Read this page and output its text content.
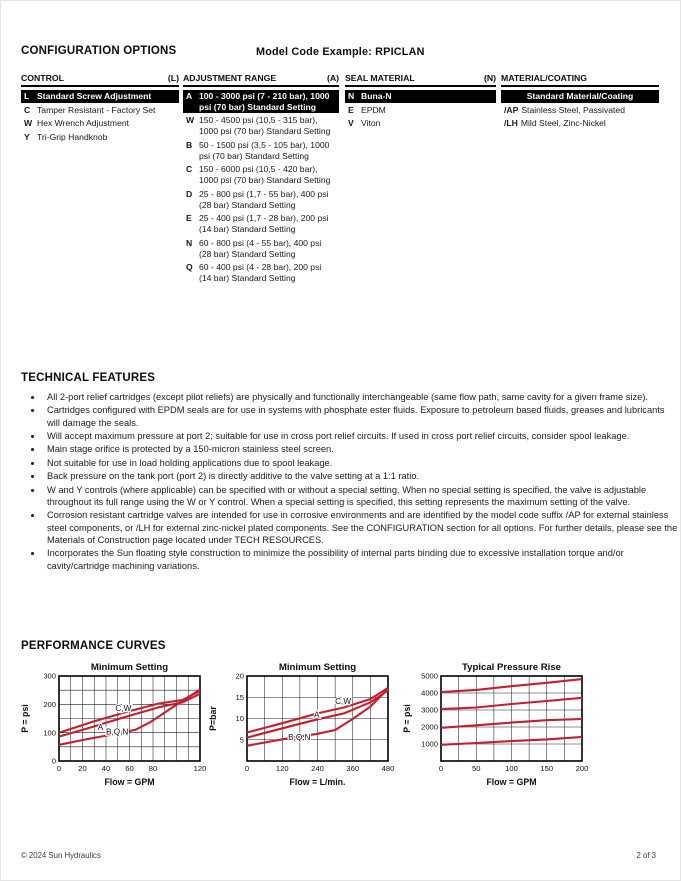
CONFIGURATION OPTIONS	Model Code Example: RPICLAN
CONTROL	(L)
L Standard Screw Adjustment
C Tamper Resistant - Factory Set
W Hex Wrench Adjustment
Y Tri-Grip Handknob
ADJUSTMENT RANGE	(A)
A 100 - 3000 psi (7 - 210 bar), 1000 psi (70 bar) Standard Setting
W 150 - 4500 psi (10,5 - 315 bar), 1000 psi (70 bar) Standard Setting
B 50 - 1500 psi (3,5 - 105 bar), 1000 psi (70 bar) Standard Setting
C 150 - 6000 psi (10,5 - 420 bar), 1000 psi (70 bar) Standard Setting
D 25 - 800 psi (1,7 - 55 bar), 400 psi (28 bar) Standard Setting
E 25 - 400 psi (1,7 - 28 bar), 200 psi (14 bar) Standard Setting
N 60 - 800 psi (4 - 55 bar), 400 psi (28 bar) Standard Setting
Q 60 - 400 psi (4 - 28 bar), 200 psi (14 bar) Standard Setting
SEAL MATERIAL	(N)
N Buna-N
E EPDM
V Viton
MATERIAL/COATING
Standard Material/Coating
/AP Stainless Steel, Passivated
/LH Mild Steel, Zinc-Nickel
TECHNICAL FEATURES
• All 2-port relief cartridges (except pilot reliefs) are physically and functionally interchangeable (same flow path, same cavity for a given frame size).
• Cartridges configured with EPDM seals are for use in systems with phosphate ester fluids. Exposure to petroleum based fluids, greases and lubricants will damage the seals.
• Will accept maximum pressure at port 2; suitable for use in cross port relief circuits. If used in cross port relief circuits, consider spool leakage.
• Main stage orifice is protected by a 150-micron stainless steel screen.
• Not suitable for use in load holding applications due to spool leakage.
• Back pressure on the tank port (port 2) is directly additive to the valve setting at a 1:1 ratio.
• W and Y controls (where applicable) can be specified with or without a special setting. When no special setting is specified, the valve is adjustable throughout its full range using the W or Y control. When a special setting is specified, this setting represents the maximum setting of the valve.
• Corrosion resistant cartridge valves are intended for use in corrosive environments and are identified by the model code suffix /AP for external stainless steel components, or /LH for external zinc-nickel plated components. See the CONFIGURATION section for all options. For further details, please see the Materials of Construction page located under TECH RESOURCES.
• Incorporates the Sun floating style construction to minimize the possibility of internal parts binding due to excessive installation torque and/or cavity/cartridge machining variations.
PERFORMANCE CURVES
C,W
A
B,Q,N
Minimum Setting
0 20 40 60 80	120
0
100
200
300
Flow = GPM
P = psi
C,W
A
B,Q,N
Minimum Setting
0	120	240	360	480
5
10
15
20
Flow = L/min.
P=bar
Typical Pressure Rise
0	50	100	150	200
1000
2000
3000
4000
5000
Flow = GPM
P = psi
© 2024 Sun Hydraulics	2 of 3
